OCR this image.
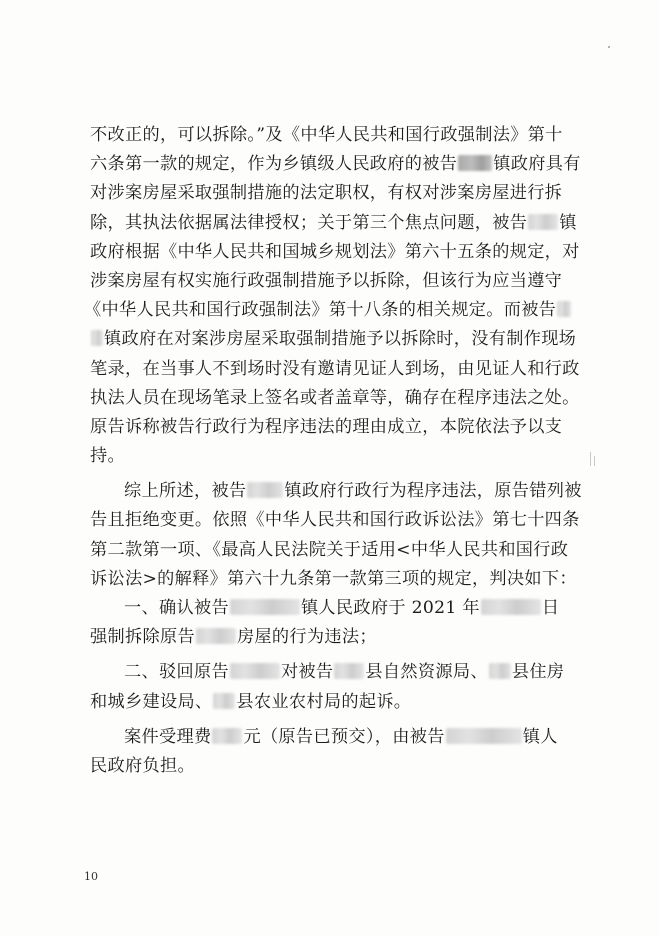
不改正的，可以拆除。”及《中华人民共和国行政强制法》第十
六条第一款的规定，作为乡镇级人民政府的被告 镇政府具有
对涉案房屋采取强制措施的法定职权，有权对涉案房屋进行拆
除，其执法依据属法律授权；关于第三个焦点问题，被告 镇
政府根据《中华人民共和国城乡规划法》第六十五条的规定，对
涉案房屋有权实施行政强制措施予以拆除，但该行为应当遵守
《中华人民共和国行政强制法》第十八条的相关规定。而被告
镇政府在对案涉房屋采取强制措施予以拆除时，没有制作现场
笔录，在当事人不到场时没有邀请见证人到场，由见证人和行政
执法人员在现场笔录上签名或者盖章等，确存在程序违法之处。
原告诉称被告行政行为程序违法的理由成立，本院依法予以支
持。
综上所述，被告 镇政府行政行为程序违法，原告错列被
告且拒绝变更。依照《中华人民共和国行政诉讼法》第七十四条
第二款第一项、《最高人民法院关于适用<中华人民共和国行政
诉讼法>的解释》第六十九条第一款第三项的规定，判决如下：
一、确认被告	镇人民政府于 2021 年	日
强制拆除原告 房屋的行为违法；
二、驳回原告	对被告 县自然资源局、 县住房
和城乡建设局、 县农业农村局的起诉。
案件受理费 元（原告已预交），由被告	镇人
民政府负担。
10
